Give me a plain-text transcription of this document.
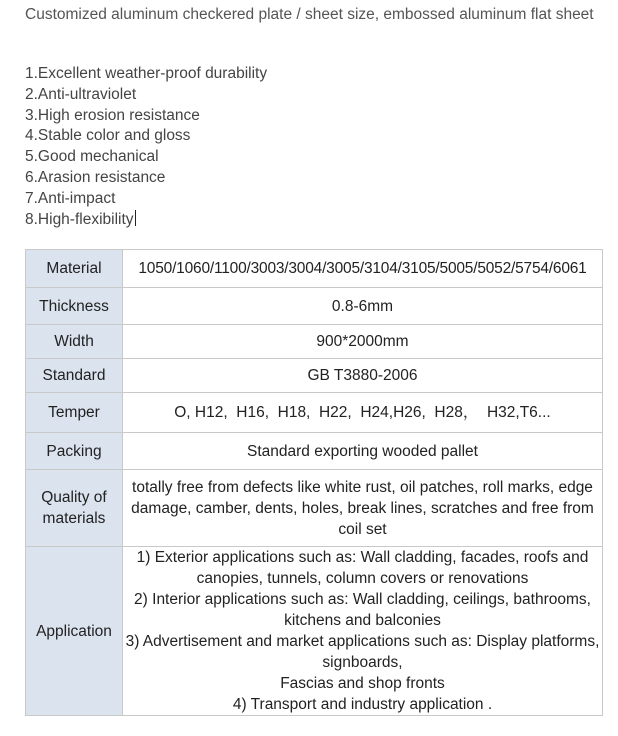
Customized aluminum checkered plate / sheet size, embossed aluminum flat sheet
1.Excellent weather-proof durability
2.Anti-ultraviolet
3.High erosion resistance
4.Stable color and gloss
5.Good mechanical
6.Arasion resistance
7.Anti-impact
8.High-flexibility
Material	1050/1060/1100/3003/3004/3005/3104/3105/5005/5052/5754/6061
Thickness	0.8-6mm
Width	900*2000mm
Standard	GB T3880-2006
Temper	O, H12,  H16,  H18,  H22,  H24,H26,  H28，  H32,T6...
Packing	Standard exporting wooded pallet

Quality of
materials	totally free from defects like white rust, oil patches, roll marks, edge damage, camber, dents, holes, break lines, scratches and free from coil set
Application	1) Exterior applications such as: Wall cladding, facades, roofs and canopies, tunnels, column covers or renovations
2) Interior applications such as: Wall cladding, ceilings, bathrooms, kitchens and balconies
3) Advertisement and market applications such as: Display platforms, signboards,
Fascias and shop fronts
4) Transport and industry application .
